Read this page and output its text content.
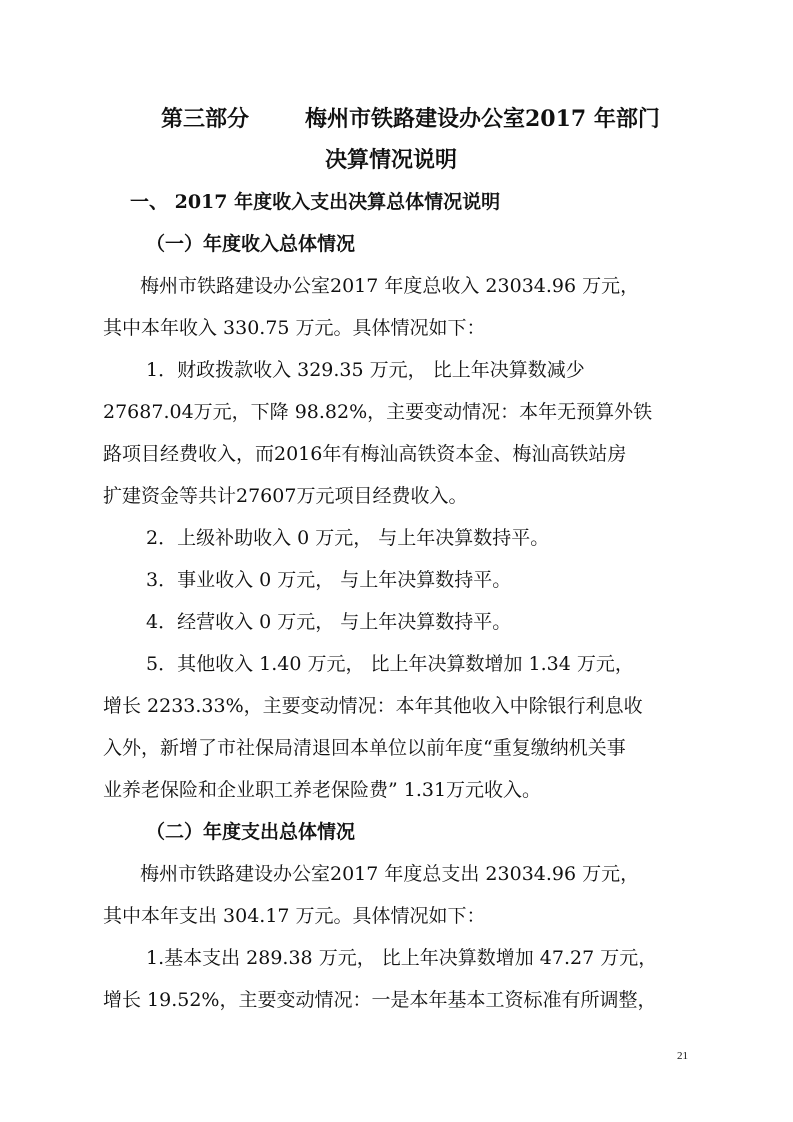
第三部分	梅州市铁路建设办公室2017 年部门
决算情况说明
一、 2017 年度收入支出决算总体情况说明
（一）年度收入总体情况
梅州市铁路建设办公室2017 年度总收入 23034.96 万元，
其中本年收入 330.75 万元。具体情况如下：
1．财政拨款收入 329.35 万元， 比上年决算数减少
27687.04万元，下降 98.82%，主要变动情况：本年无预算外铁
路项目经费收入，而2016年有梅汕高铁资本金、梅汕高铁站房
扩建资金等共计27607万元项目经费收入。
2．上级补助收入 0 万元， 与上年决算数持平。
3．事业收入 0 万元， 与上年决算数持平。
4．经营收入 0 万元， 与上年决算数持平。
5．其他收入 1.40 万元， 比上年决算数增加 1.34 万元，
增长 2233.33%，主要变动情况：本年其他收入中除银行利息收
入外，新增了市社保局清退回本单位以前年度“重复缴纳机关事
业养老保险和企业职工养老保险费” 1.31万元收入。
（二）年度支出总体情况
梅州市铁路建设办公室2017 年度总支出 23034.96 万元，
其中本年支出 304.17 万元。具体情况如下：
1.基本支出 289.38 万元， 比上年决算数增加 47.27 万元，
增长 19.52%，主要变动情况：一是本年基本工资标准有所调整，
21
